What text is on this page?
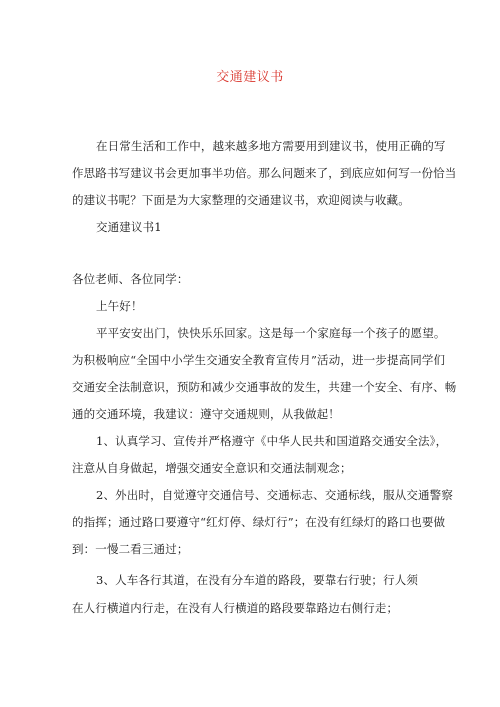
交通建议书
在日常生活和工作中，越来越多地方需要用到建议书，使用正确的写
作思路书写建议书会更加事半功倍。那么问题来了，到底应如何写一份恰当
的建议书呢？下面是为大家整理的交通建议书，欢迎阅读与收藏。
交通建议书1
各位老师、各位同学：
上午好！
平平安安出门，快快乐乐回家。这是每一个家庭每一个孩子的愿望。
为积极响应“全国中小学生交通安全教育宣传月”活动，进一步提高同学们
交通安全法制意识，预防和减少交通事故的发生，共建一个安全、有序、畅
通的交通环境，我建议：遵守交通规则，从我做起！
1、认真学习、宣传并严格遵守《中华人民共和国道路交通安全法》，
注意从自身做起，增强交通安全意识和交通法制观念；
2、外出时，自觉遵守交通信号、交通标志、交通标线，服从交通警察
的指挥；通过路口要遵守“红灯停、绿灯行”；在没有红绿灯的路口也要做
到：一慢二看三通过；
3、人车各行其道，在没有分车道的路段，要靠右行驶；行人须
在人行横道内行走，在没有人行横道的路段要靠路边右侧行走；
